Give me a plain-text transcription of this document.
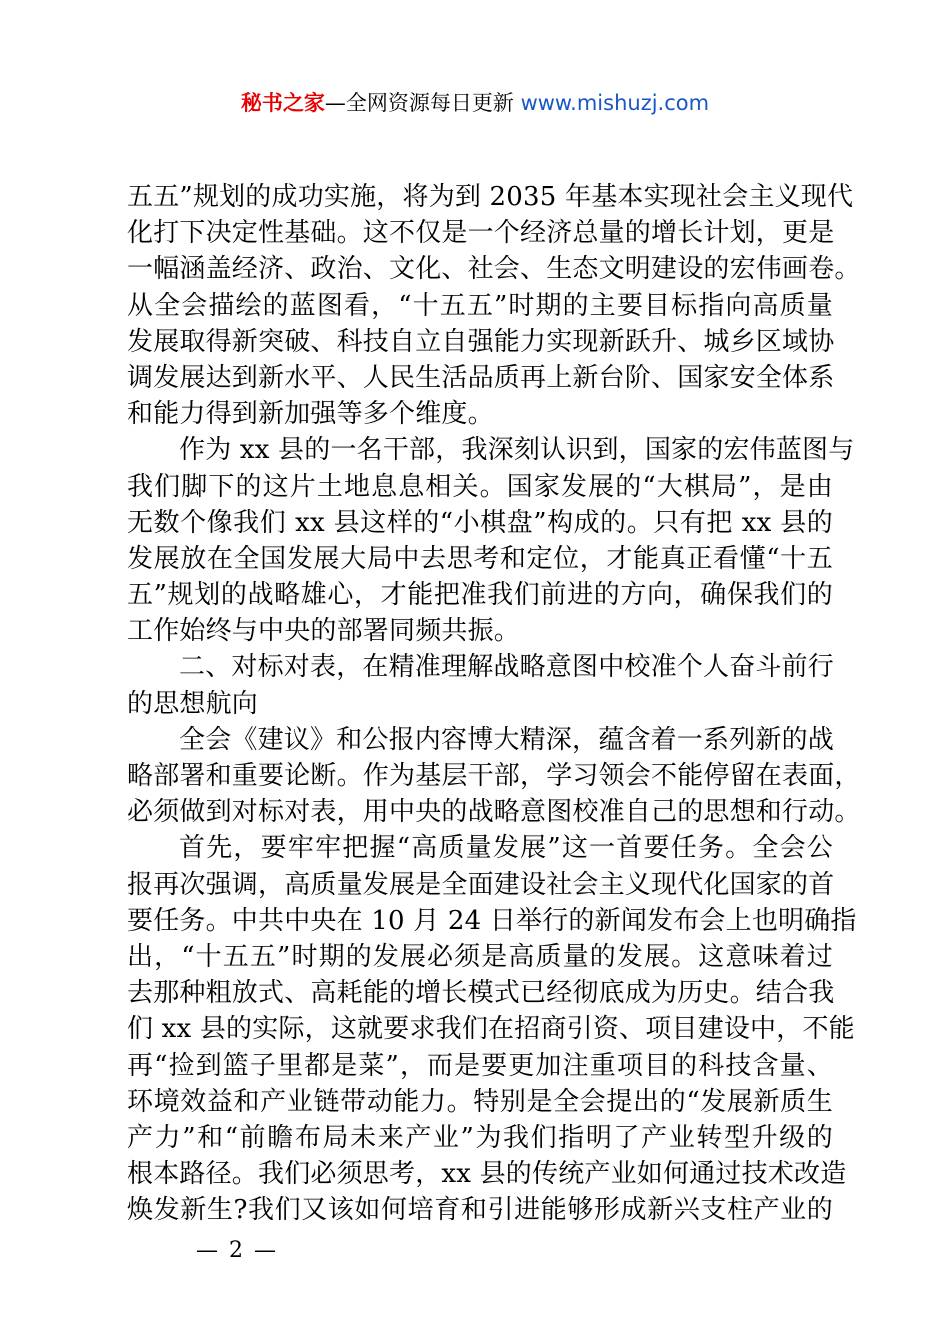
秘书之家—全网资源每日更新 www.mishuzj.com
五五”规划的成功实施，将为到 2035 年基本实现社会主义现代
化打下决定性基础。这不仅是一个经济总量的增长计划，更是
一幅涵盖经济、政治、文化、社会、生态文明建设的宏伟画卷。
从全会描绘的蓝图看，“十五五”时期的主要目标指向高质量
发展取得新突破、科技自立自强能力实现新跃升、城乡区域协
调发展达到新水平、人民生活品质再上新台阶、国家安全体系
和能力得到新加强等多个维度。
作为 xx 县的一名干部，我深刻认识到，国家的宏伟蓝图与
我们脚下的这片土地息息相关。国家发展的“大棋局”，是由
无数个像我们 xx 县这样的“小棋盘”构成的。只有把 xx 县的
发展放在全国发展大局中去思考和定位，才能真正看懂“十五
五”规划的战略雄心，才能把准我们前进的方向，确保我们的
工作始终与中央的部署同频共振。
二、对标对表，在精准理解战略意图中校准个人奋斗前行
的思想航向
全会《建议》和公报内容博大精深，蕴含着一系列新的战
略部署和重要论断。作为基层干部，学习领会不能停留在表面，
必须做到对标对表，用中央的战略意图校准自己的思想和行动。
首先，要牢牢把握“高质量发展”这一首要任务。全会公
报再次强调，高质量发展是全面建设社会主义现代化国家的首
要任务。中共中央在 10 月 24 日举行的新闻发布会上也明确指
出，“十五五”时期的发展必须是高质量的发展。这意味着过
去那种粗放式、高耗能的增长模式已经彻底成为历史。结合我
们 xx 县的实际，这就要求我们在招商引资、项目建设中，不能
再“捡到篮子里都是菜”，而是要更加注重项目的科技含量、
环境效益和产业链带动能力。特别是全会提出的“发展新质生
产力”和“前瞻布局未来产业”为我们指明了产业转型升级的
根本路径。我们必须思考，xx 县的传统产业如何通过技术改造
焕发新生?我们又该如何培育和引进能够形成新兴支柱产业的
— 2 —
